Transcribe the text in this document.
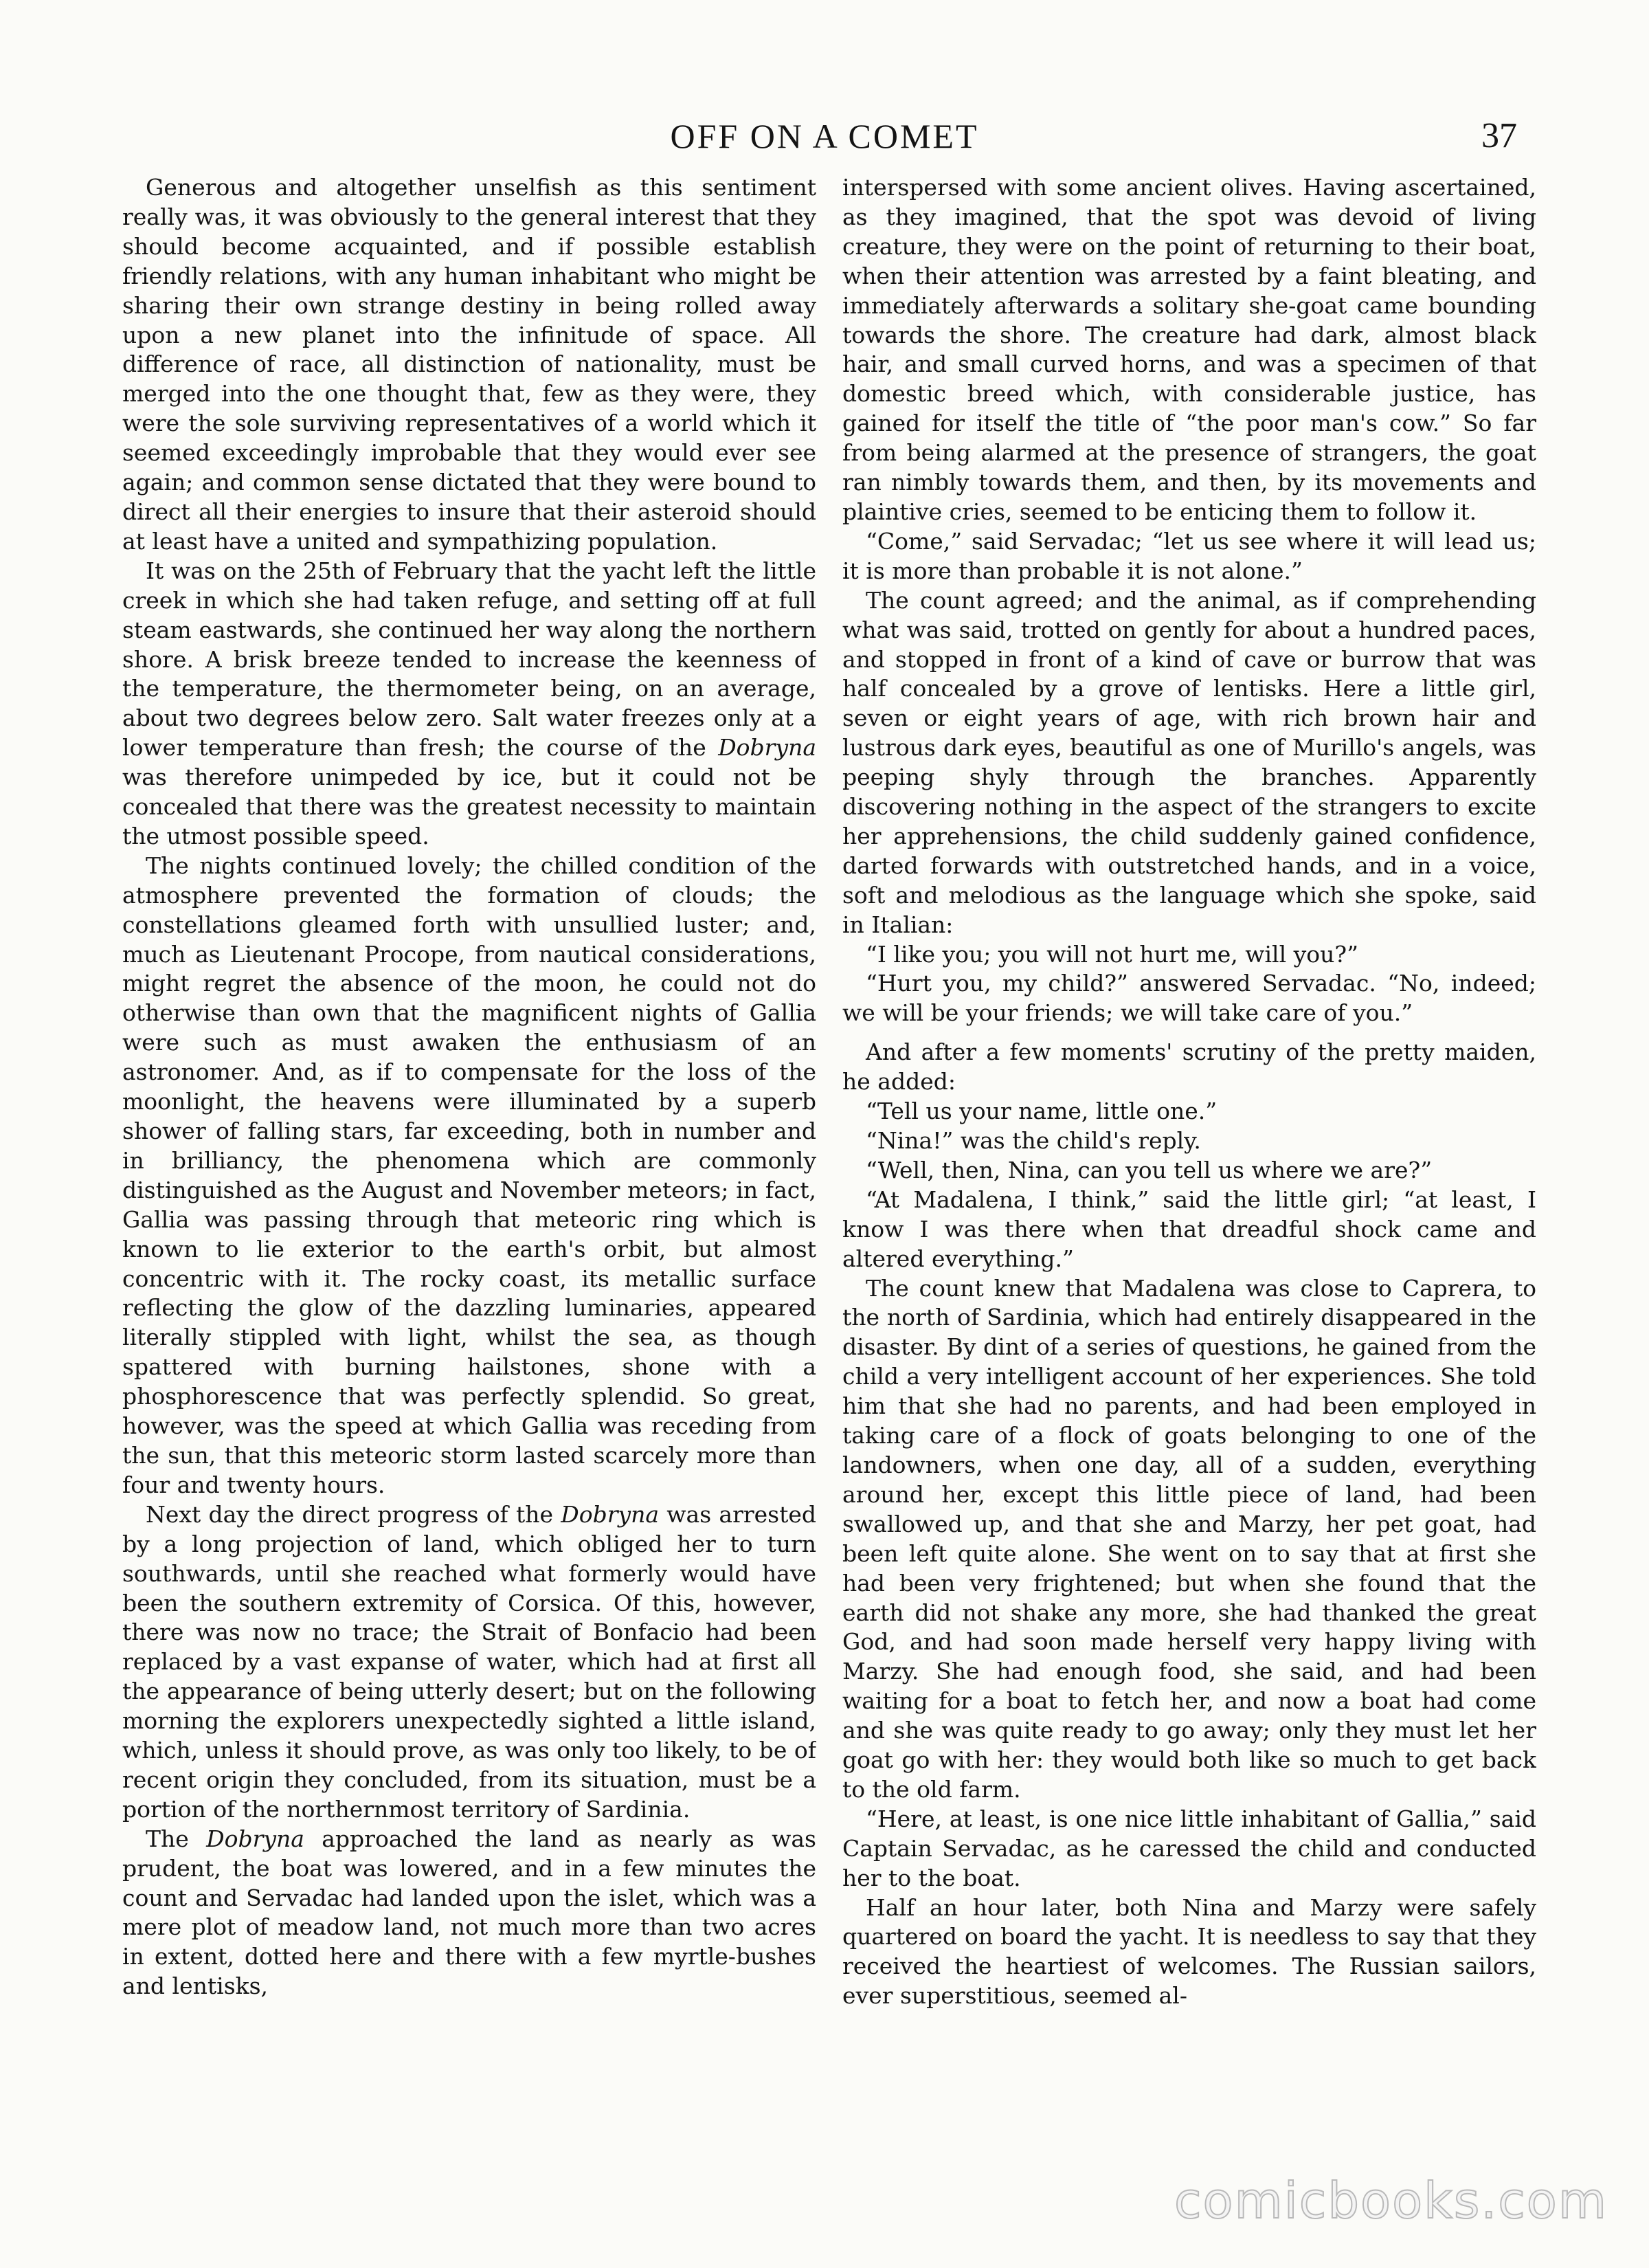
OFF ON A COMET	37

Generous and altogether unselfish as this sentiment really was, it was obviously to the general interest that they should become acquainted, and if possible establish friendly relations, with any human inhabitant who might be sharing their own strange destiny in being rolled away upon a new planet into the infinitude of space. All difference of race, all distinction of nationality, must be merged into the one thought that, few as they were, they were the sole surviving representatives of a world which it seemed exceedingly improbable that they would ever see again; and common sense dictated that they were bound to direct all their energies to insure that their asteroid should at least have a united and sympathizing population.

It was on the 25th of February that the yacht left the little creek in which she had taken refuge, and setting off at full steam eastwards, she continued her way along the northern shore. A brisk breeze tended to increase the keenness of the temperature, the thermometer being, on an average, about two degrees below zero. Salt water freezes only at a lower temperature than fresh; the course of the Dobryna was therefore unimpeded by ice, but it could not be concealed that there was the greatest necessity to maintain the utmost possible speed.

The nights continued lovely; the chilled condition of the atmosphere prevented the formation of clouds; the constellations gleamed forth with unsullied luster; and, much as Lieutenant Procope, from nautical considerations, might regret the absence of the moon, he could not do otherwise than own that the magnificent nights of Gallia were such as must awaken the enthusiasm of an astronomer. And, as if to compensate for the loss of the moonlight, the heavens were illuminated by a superb shower of falling stars, far exceeding, both in number and in brilliancy, the phenomena which are commonly distinguished as the August and November meteors; in fact, Gallia was passing through that meteoric ring which is known to lie exterior to the earth's orbit, but almost concentric with it. The rocky coast, its metallic surface reflecting the glow of the dazzling luminaries, appeared literally stippled with light, whilst the sea, as though spattered with burning hailstones, shone with a phosphorescence that was perfectly splendid. So great, however, was the speed at which Gallia was receding from the sun, that this meteoric storm lasted scarcely more than four and twenty hours.

Next day the direct progress of the Dobryna was arrested by a long projection of land, which obliged her to turn southwards, until she reached what formerly would have been the southern extremity of Corsica. Of this, however, there was now no trace; the Strait of Bonfacio had been replaced by a vast expanse of water, which had at first all the appearance of being utterly desert; but on the following morning the explorers unexpectedly sighted a little island, which, unless it should prove, as was only too likely, to be of recent origin they concluded, from its situation, must be a portion of the northernmost territory of Sardinia.

The Dobryna approached the land as nearly as was prudent, the boat was lowered, and in a few minutes the count and Servadac had landed upon the islet, which was a mere plot of meadow land, not much more than two acres in extent, dotted here and there with a few myrtle-bushes and lentisks,

interspersed with some ancient olives. Having ascertained, as they imagined, that the spot was devoid of living creature, they were on the point of returning to their boat, when their attention was arrested by a faint bleating, and immediately afterwards a solitary she-goat came bounding towards the shore. The creature had dark, almost black hair, and small curved horns, and was a specimen of that domestic breed which, with considerable justice, has gained for itself the title of “the poor man's cow.” So far from being alarmed at the presence of strangers, the goat ran nimbly towards them, and then, by its movements and plaintive cries, seemed to be enticing them to follow it.

“Come,” said Servadac; “let us see where it will lead us; it is more than probable it is not alone.”

The count agreed; and the animal, as if comprehending what was said, trotted on gently for about a hundred paces, and stopped in front of a kind of cave or burrow that was half concealed by a grove of lentisks. Here a little girl, seven or eight years of age, with rich brown hair and lustrous dark eyes, beautiful as one of Murillo's angels, was peeping shyly through the branches. Apparently discovering nothing in the aspect of the strangers to excite her apprehensions, the child suddenly gained confidence, darted forwards with outstretched hands, and in a voice, soft and melodious as the language which she spoke, said in Italian:

“I like you; you will not hurt me, will you?”

“Hurt you, my child?” answered Servadac. “No, indeed; we will be your friends; we will take care of you.”

And after a few moments' scrutiny of the pretty maiden, he added:

“Tell us your name, little one.”

“Nina!” was the child's reply.

“Well, then, Nina, can you tell us where we are?”

“At Madalena, I think,” said the little girl; “at least, I know I was there when that dreadful shock came and altered everything.”

The count knew that Madalena was close to Caprera, to the north of Sardinia, which had entirely disappeared in the disaster. By dint of a series of questions, he gained from the child a very intelligent account of her experiences. She told him that she had no parents, and had been employed in taking care of a flock of goats belonging to one of the landowners, when one day, all of a sudden, everything around her, except this little piece of land, had been swallowed up, and that she and Marzy, her pet goat, had been left quite alone. She went on to say that at first she had been very frightened; but when she found that the earth did not shake any more, she had thanked the great God, and had soon made herself very happy living with Marzy. She had enough food, she said, and had been waiting for a boat to fetch her, and now a boat had come and she was quite ready to go away; only they must let her goat go with her: they would both like so much to get back to the old farm.

“Here, at least, is one nice little inhabitant of Gallia,” said Captain Servadac, as he caressed the child and conducted her to the boat.

Half an hour later, both Nina and Marzy were safely quartered on board the yacht. It is needless to say that they received the heartiest of welcomes. The Russian sailors, ever superstitious, seemed al-

comicbooks.com
